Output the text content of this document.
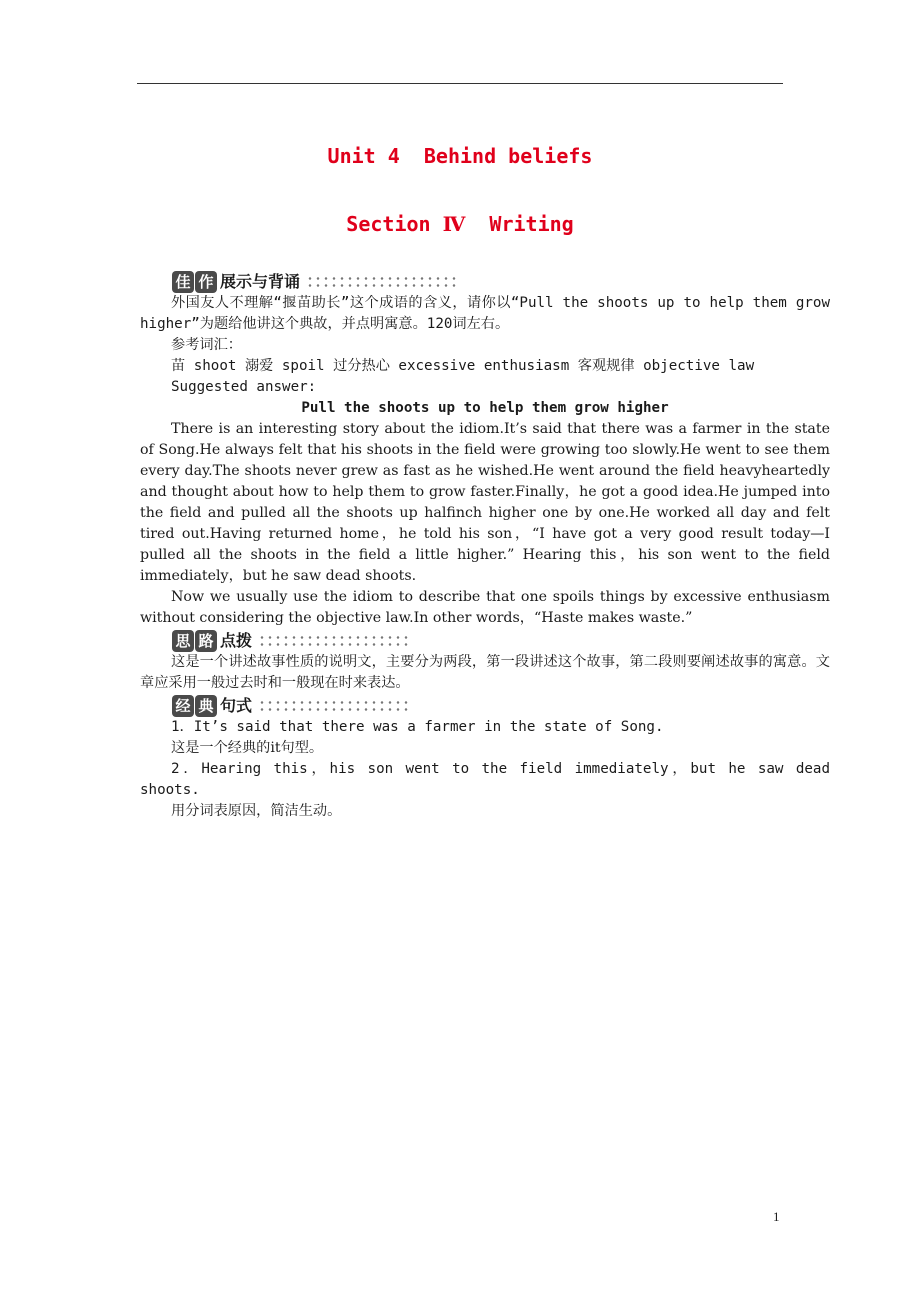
Unit 4  Behind beliefs
Section Ⅳ  Writing
佳 作 展示与背诵

外国友人不理解“揠苗助长”这个成语的含义，请你以“Pull the shoots up to help them grow higher”为题给他讲这个典故，并点明寓意。120词左右。

参考词汇：

苗 shoot 溺爱 spoil 过分热心 excessive enthusiasm 客观规律 objective law

Suggested answer:

Pull the shoots up to help them grow higher

There is an interesting story about the idiom.It’s said that there was a farmer in the state of Song.He always felt that his shoots in the field were growing too slowly.He went to see them every day.The shoots never grew as fast as he wished.He went around the field heavyheartedly and thought about how to help them to grow faster.Finally，he got a good idea.He jumped into the field and pulled all the shoots up halfinch higher one by one.He worked all day and felt tired out.Having returned home，he told his son，“I have got a very good result today—I pulled all the shoots in the field a little higher.” Hearing this，his son went to the field immediately，but he saw dead shoots.

Now we usually use the idiom to describe that one spoils things by excessive enthusiasm without considering the objective law.In other words，“Haste makes waste.”

思 路 点拨

这是一个讲述故事性质的说明文，主要分为两段，第一段讲述这个故事，第二段则要阐述故事的寓意。文章应采用一般过去时和一般现在时来表达。

经 典 句式

1．It’s said that there was a farmer in the state of Song.

这是一个经典的it句型。

2．Hearing this，his son went to the field immediately，but he saw dead shoots.

用分词表原因，简洁生动。

1
